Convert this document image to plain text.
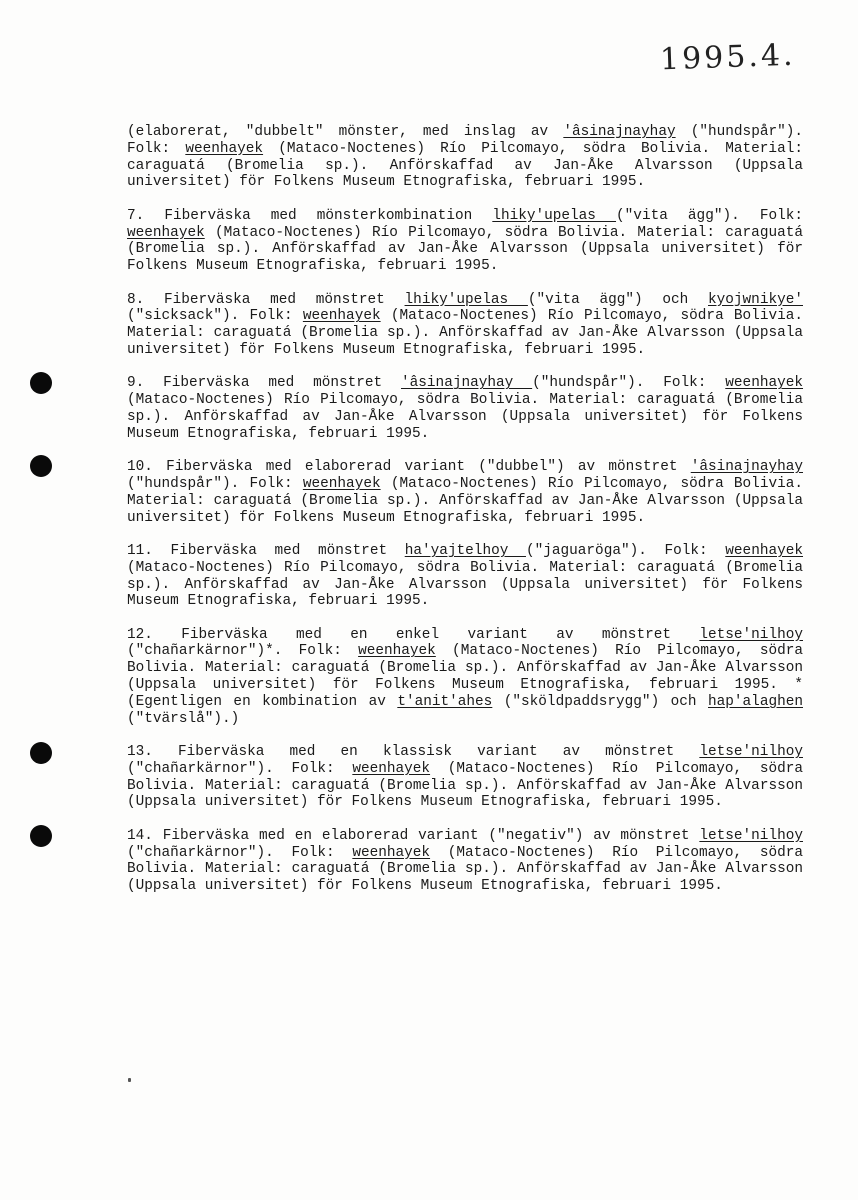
1995.4.

(elaborerat, "dubbelt" mönster, med inslag av 'âsinajnayhay ("hundspår"). Folk: weenhayek (Mataco-Noctenes) Río Pilcomayo, södra Bolivia. Material: caraguatá (Bromelia sp.). Anförskaffad av Jan-Åke Alvarsson (Uppsala universitet) för Folkens Museum Etnografiska, februari 1995.

7. Fiberväska med mönsterkombination lhiky'upelas ("vita ägg"). Folk: weenhayek (Mataco-Noctenes) Río Pilcomayo, södra Bolivia. Material: caraguatá (Bromelia sp.). Anförskaffad av Jan-Åke Alvarsson (Uppsala universitet) för Folkens Museum Etnografiska, februari 1995.

8. Fiberväska med mönstret lhiky'upelas ("vita ägg") och kyojwnikye' ("sicksack"). Folk: weenhayek (Mataco-Noctenes) Río Pilcomayo, södra Bolivia. Material: caraguatá (Bromelia sp.). Anförskaffad av Jan-Åke Alvarsson (Uppsala universitet) för Folkens Museum Etnografiska, februari 1995.

9. Fiberväska med mönstret 'âsinajnayhay ("hundspår"). Folk: weenhayek (Mataco-Noctenes) Río Pilcomayo, södra Bolivia. Material: caraguatá (Bromelia sp.). Anförskaffad av Jan-Åke Alvarsson (Uppsala universitet) för Folkens Museum Etnografiska, februari 1995.

10. Fiberväska med elaborerad variant ("dubbel") av mönstret 'âsinajnayhay ("hundspår"). Folk: weenhayek (Mataco-Noctenes) Río Pilcomayo, södra Bolivia. Material: caraguatá (Bromelia sp.). Anförskaffad av Jan-Åke Alvarsson (Uppsala universitet) för Folkens Museum Etnografiska, februari 1995.

11. Fiberväska med mönstret ha'yajtelhoy ("jaguaröga"). Folk: weenhayek (Mataco-Noctenes) Río Pilcomayo, södra Bolivia. Material: caraguatá (Bromelia sp.). Anförskaffad av Jan-Åke Alvarsson (Uppsala universitet) för Folkens Museum Etnografiska, februari 1995.

12. Fiberväska med en enkel variant av mönstret letse'nilhoy ("chañarkärnor")*. Folk: weenhayek (Mataco-Noctenes) Río Pilcomayo, södra Bolivia. Material: caraguatá (Bromelia sp.). Anförskaffad av Jan-Åke Alvarsson (Uppsala universitet) för Folkens Museum Etnografiska, februari 1995. *(Egentligen en kombination av t'anit'ahes ("sköldpaddsrygg") och hap'alaghen ("tvärslå").)

13. Fiberväska med en klassisk variant av mönstret letse'nilhoy ("chañarkärnor"). Folk: weenhayek (Mataco-Noctenes) Río Pilcomayo, södra Bolivia. Material: caraguatá (Bromelia sp.). Anförskaffad av Jan-Åke Alvarsson (Uppsala universitet) för Folkens Museum Etnografiska, februari 1995.

14. Fiberväska med en elaborerad variant ("negativ") av mönstret letse'nilhoy ("chañarkärnor"). Folk: weenhayek (Mataco-Noctenes) Río Pilcomayo, södra Bolivia. Material: caraguatá (Bromelia sp.). Anförskaffad av Jan-Åke Alvarsson (Uppsala universitet) för Folkens Museum Etnografiska, februari 1995.
